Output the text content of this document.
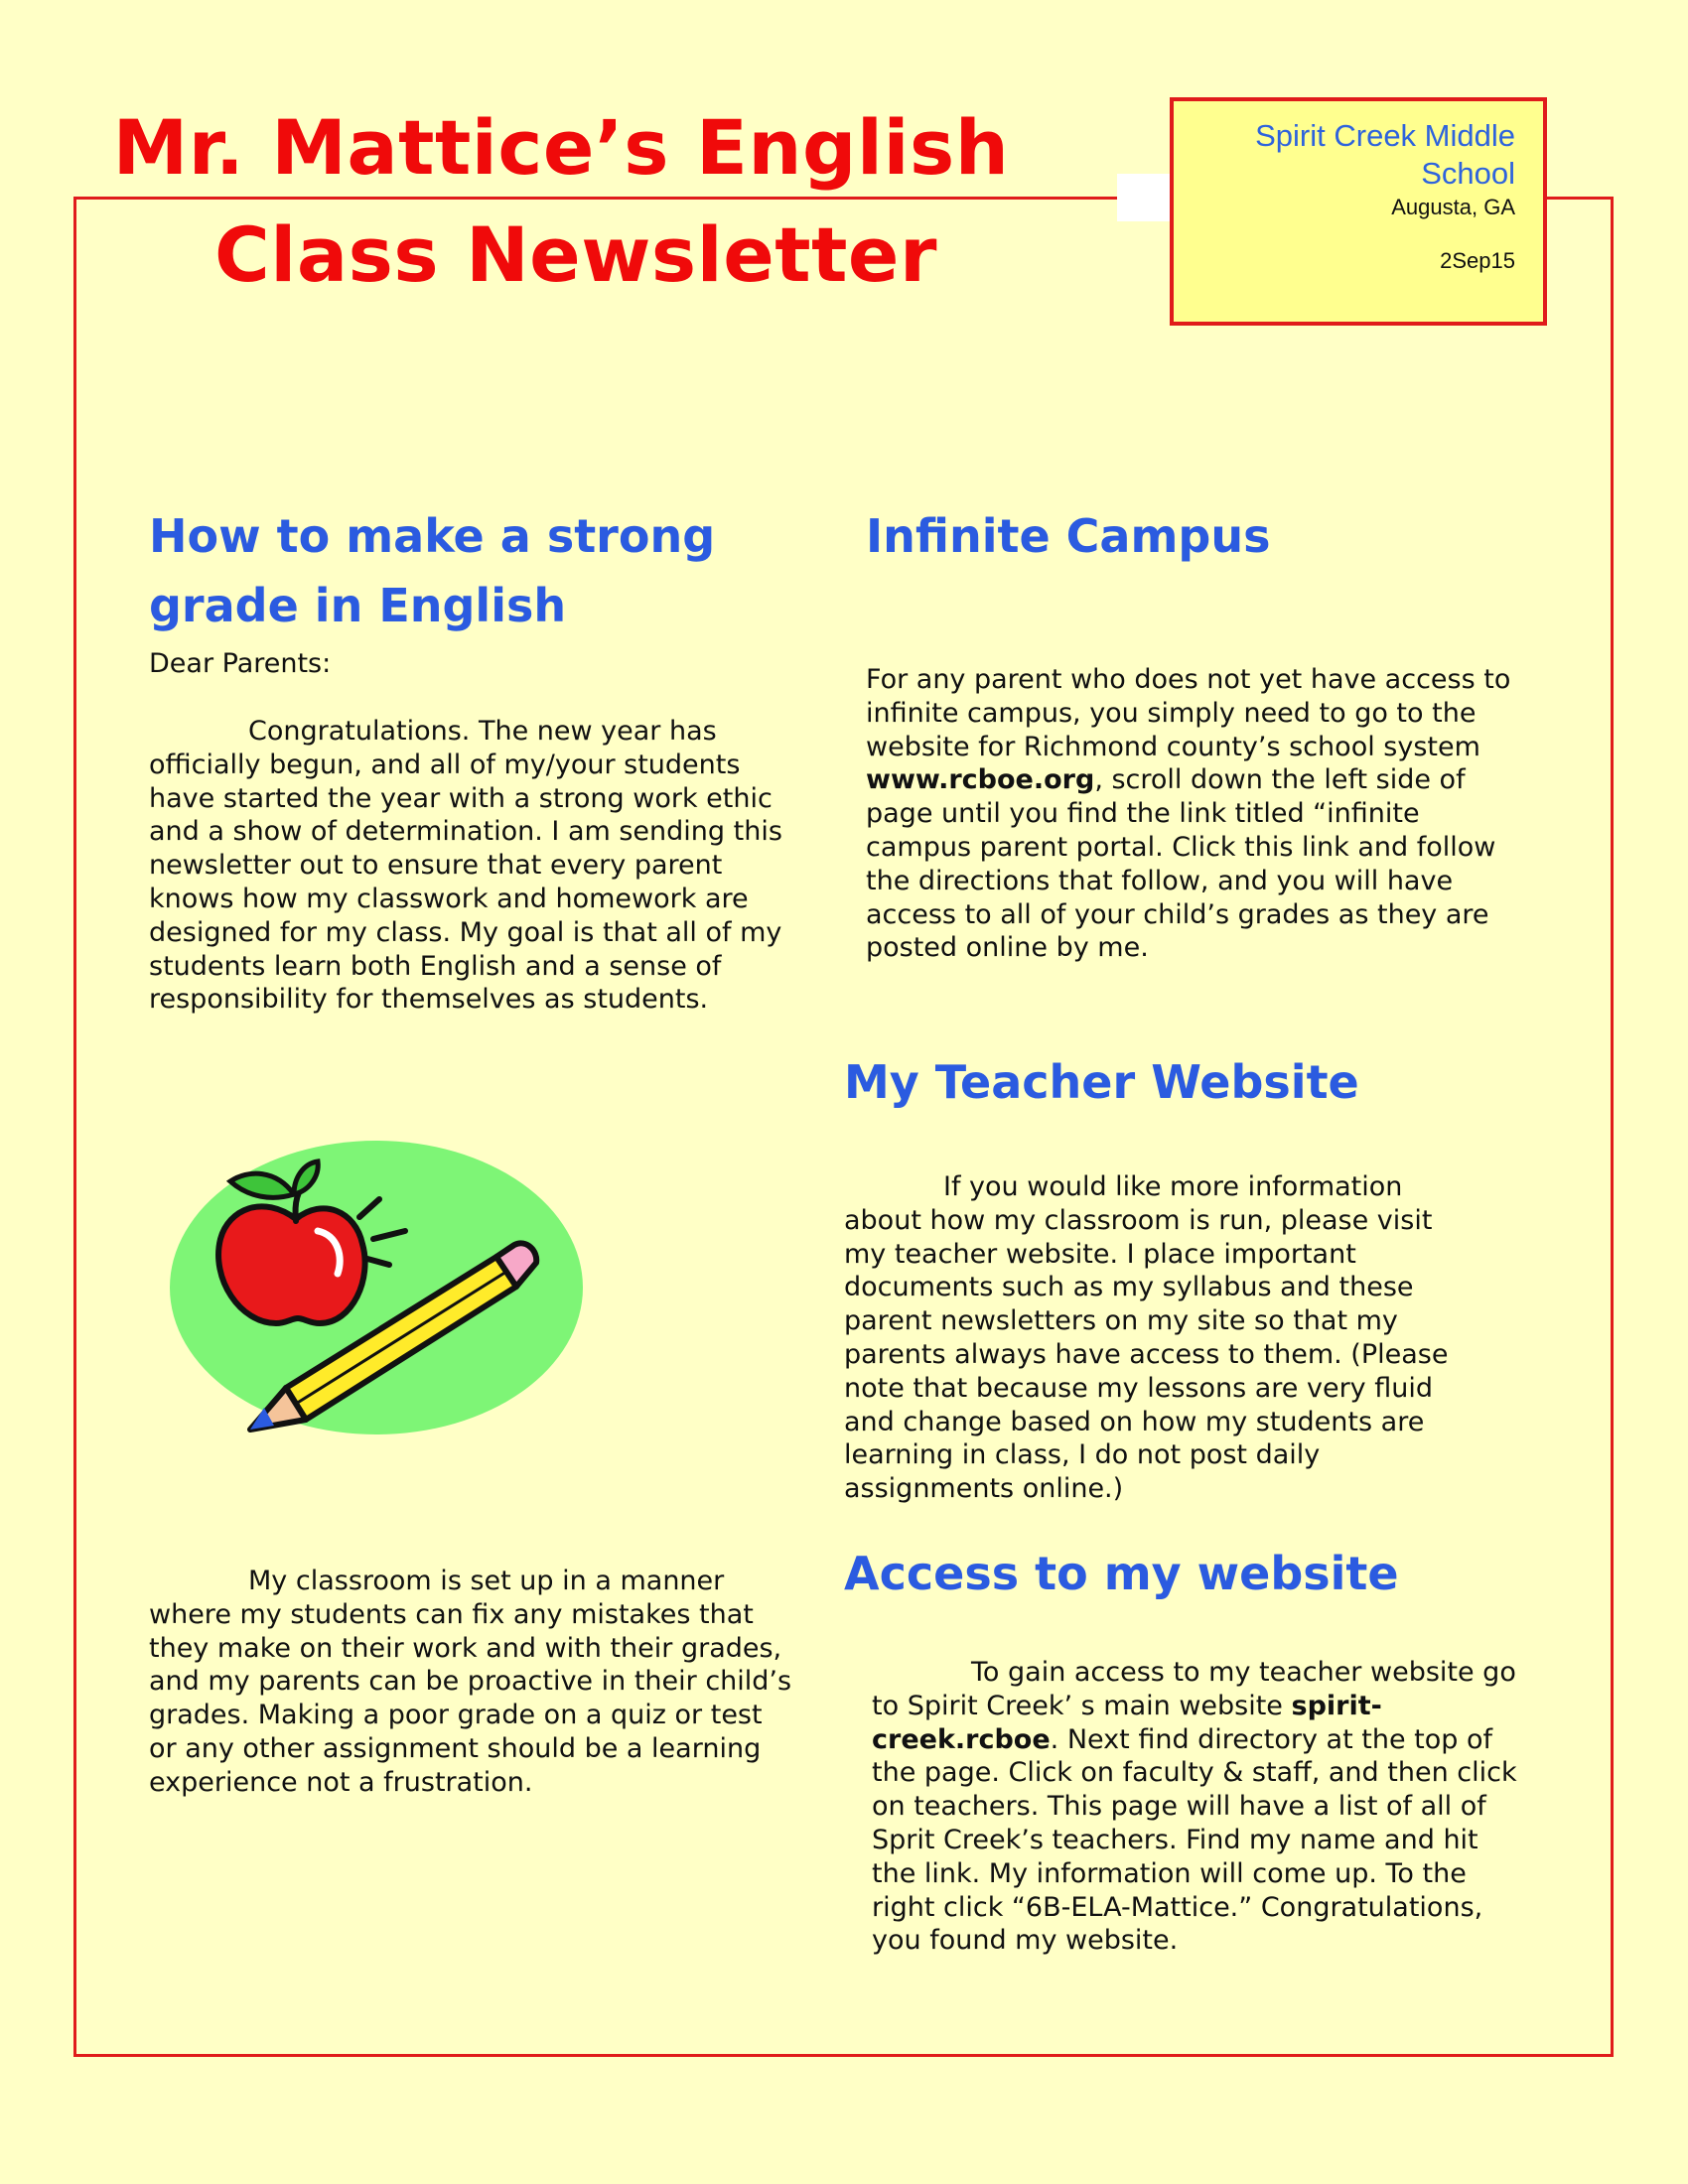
Mr. Mattice’s English
Class Newsletter
Spirit Creek Middle School
Augusta, GA
2Sep15
How to make a strong grade in English

Dear Parents:

Congratulations. The new year has officially begun, and all of my/your students have started the year with a strong work ethic and a show of determination. I am sending this newsletter out to ensure that every parent knows how my classwork and homework are designed for my class. My goal is that all of my students learn both English and a sense of responsibility for themselves as students.

My classroom is set up in a manner where my students can fix any mistakes that they make on their work and with their grades, and my parents can be proactive in their child’s grades. Making a poor grade on a quiz or test or any other assignment should be a learning experience not a frustration.

Infinite Campus

For any parent who does not yet have access to infinite campus, you simply need to go to the website for Richmond county’s school system www.rcboe.org, scroll down the left side of page until you find the link titled “infinite campus parent portal. Click this link and follow the directions that follow, and you will have access to all of your child’s grades as they are posted online by me.

My Teacher Website

If you would like more information about how my classroom is run, please visit my teacher website. I place important documents such as my syllabus and these parent newsletters on my site so that my parents always have access to them. (Please note that because my lessons are very fluid and change based on how my students are learning in class, I do not post daily assignments online.)

Access to my website

To gain access to my teacher website go to Spirit Creek’ s main website spirit-creek.rcboe. Next find directory at the top of the page. Click on faculty & staff, and then click on teachers. This page will have a list of all of Sprit Creek’s teachers. Find my name and hit the link. My information will come up. To the right click “6B-ELA-Mattice.” Congratulations, you found my website.
